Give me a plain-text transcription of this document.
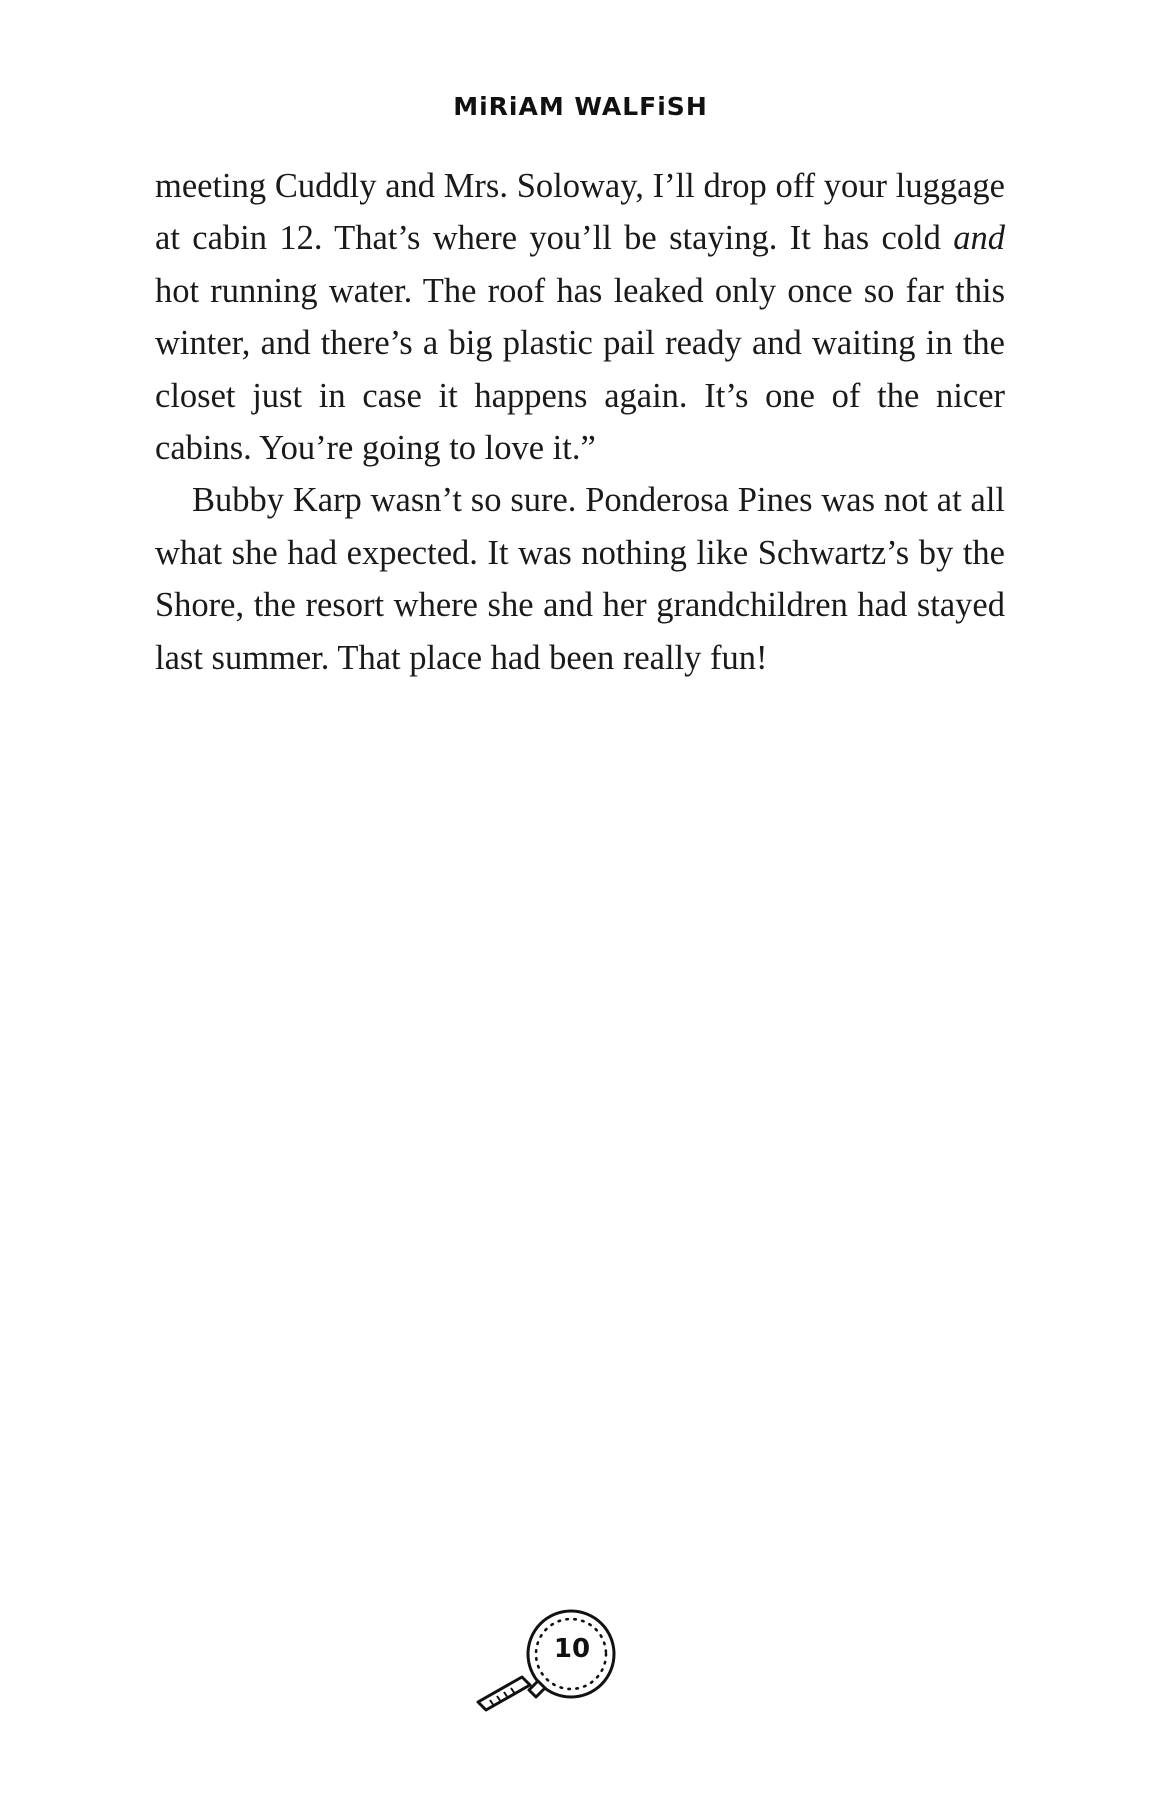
MiRiAM WALFiSH

meeting Cuddly and Mrs. Soloway, I’ll drop off your luggage at cabin 12. That’s where you’ll be staying. It has cold and hot running water. The roof has leaked only once so far this winter, and there’s a big plastic pail ready and waiting in the closet just in case it happens again. It’s one of the nicer cabins. You’re going to love it.”

Bubby Karp wasn’t so sure. Ponderosa Pines was not at all what she had expected. It was nothing like Schwartz’s by the Shore, the resort where she and her grandchildren had stayed last summer. That place had been really fun!

10
